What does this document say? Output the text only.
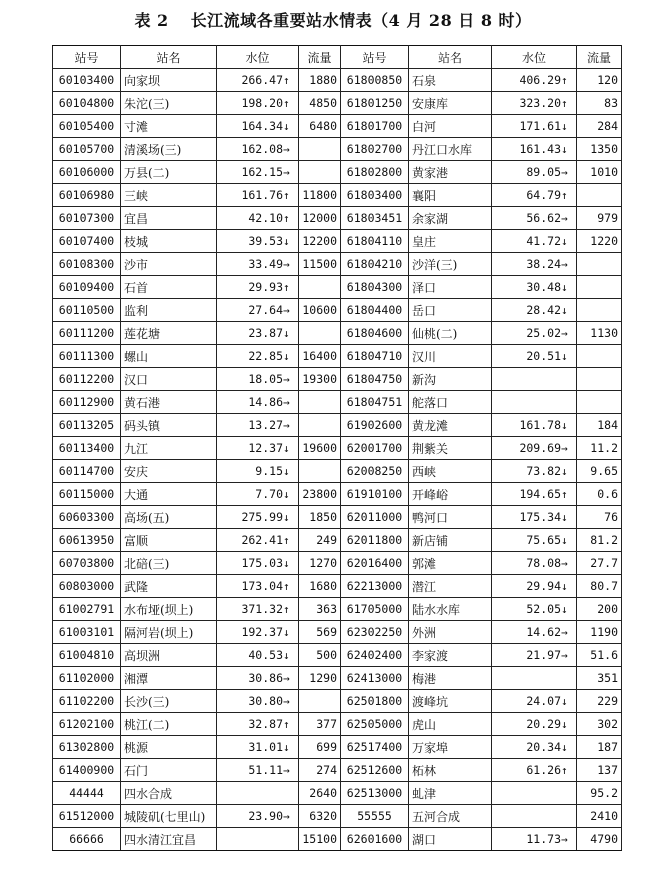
表 2 长江流域各重要站水情表（4 月 28 日 8 时）
站号	站名	水位	流量	站号	站名	水位	流量
60103400	向家坝	266.47↑	1880	61800850	石泉	406.29↑	120
60104800	朱沱(三)	198.20↑	4850	61801250	安康库	323.20↑	83
60105400	寸滩	164.34↓	6480	61801700	白河	171.61↓	284
60105700	清溪场(三)	162.08→		61802700	丹江口水库	161.43↓	1350
60106000	万县(二)	162.15→		61802800	黄家港	89.05→	1010
60106980	三峡	161.76↑	11800	61803400	襄阳	64.79↑	
60107300	宜昌	42.10↑	12000	61803451	余家湖	56.62→	979
60107400	枝城	39.53↓	12200	61804110	皇庄	41.72↓	1220
60108300	沙市	33.49→	11500	61804210	沙洋(三)	38.24→	
60109400	石首	29.93↑		61804300	泽口	30.48↓	
60110500	监利	27.64→	10600	61804400	岳口	28.42↓	
60111200	莲花塘	23.87↓		61804600	仙桃(二)	25.02→	1130
60111300	螺山	22.85↓	16400	61804710	汉川	20.51↓	
60112200	汉口	18.05→	19300	61804750	新沟		
60112900	黄石港	14.86→		61804751	舵落口		
60113205	码头镇	13.27→		61902600	黄龙滩	161.78↓	184
60113400	九江	12.37↓	19600	62001700	荆紫关	209.69→	11.2
60114700	安庆	9.15↓		62008250	西峡	73.82↓	9.65
60115000	大通	7.70↓	23800	61910100	开峰峪	194.65↑	0.6
60603300	高场(五)	275.99↓	1850	62011000	鸭河口	175.34↓	76
60613950	富顺	262.41↑	249	62011800	新店铺	75.65↓	81.2
60703800	北碚(三)	175.03↓	1270	62016400	郭滩	78.08→	27.7
60803000	武隆	173.04↑	1680	62213000	潜江	29.94↓	80.7
61002791	水布垭(坝上)	371.32↑	363	61705000	陆水水库	52.05↓	200
61003101	隔河岩(坝上)	192.37↓	569	62302250	外洲	14.62→	1190
61004810	高坝洲	40.53↓	500	62402400	李家渡	21.97→	51.6
61102000	湘潭	30.86→	1290	62413000	梅港		351
61102200	长沙(三)	30.80→		62501800	渡峰坑	24.07↓	229
61202100	桃江(二)	32.87↑	377	62505000	虎山	20.29↓	302
61302800	桃源	31.01↓	699	62517400	万家埠	20.34↓	187
61400900	石门	51.11→	274	62512600	柘林	61.26↑	137
44444	四水合成		2640	62513000	虬津		95.2
61512000	城陵矶(七里山)	23.90→	6320	55555	五河合成		2410
66666	四水清江宜昌		15100	62601600	湖口	11.73→	4790
